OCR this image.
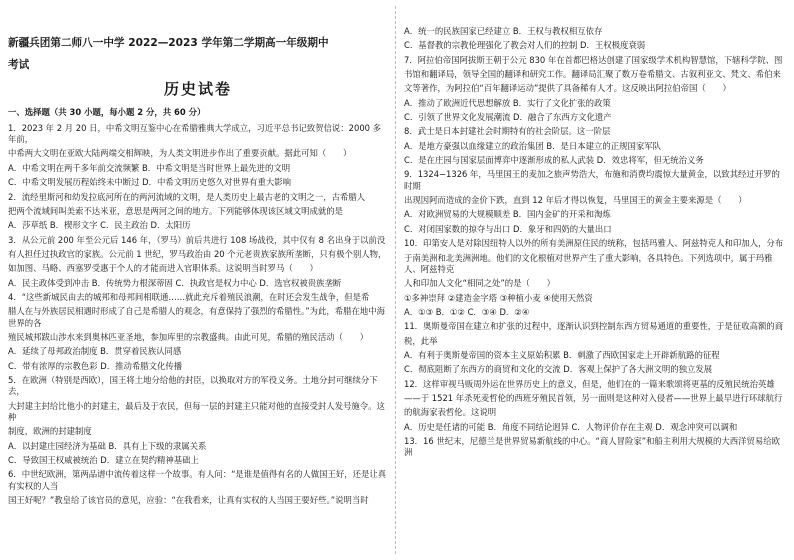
新疆兵团第二师八一中学 2022—2023 学年第二学期高一年级期中
考试
历史试卷
一、选择题（共 30 小题，每小题 2 分，共 60 分）
1．2023 年 2 月 20 日，中希文明互鉴中心在希腊雅典大学成立，习近平总书记致贺信说：2000 多年前，
中希两大文明在亚欧大陆两端交相辉映，为人类文明进步作出了重要贡献。据此可知（　　）
A．中希文明在两千多年前交流频繁 B．中希文明是当时世界上最先进的文明
C．中希文明发展历程始终未中断过 D．中希文明历史悠久对世界有重大影响
2．流经里斯河和幼发拉底河所在的两河流域的文明，是人类历史上最古老的文明之一，古希腊人
把两个流域间叫美索不达米亚，意思是两河之间的地方。下列能够体现该区域文明成就的是
A．莎草纸 B．楔形文字 C．民主政治 D．太阳历
3．从公元前 200 年至公元后 146 年，（罗马）前后共进行 108 场战役，其中仅有 8 名出身于以前没
有人担任过执政官的家族。公元前 1 世纪，罗马政治由 20 个元老贵族家族所垄断，只有极个别人物，
如加图、马略、西塞罗受惠于个人的才能而进入官职体系。这说明当时罗马（　　）
A．民主政体受到冲击 B．传统势力根深蒂固 C．执政官是权力中心 D．选官权被贵族垄断
4．“这些新城民由去的城邦和母邦间相联通……就此充斥着殖民浪潮，在时还会发生战争，但是希
腊人在与外族居民相遇时形成了自己是希腊人的观念，有意保持了强烈的希腊性。”为此，希腊在地中海世界的各
殖民城邦跋山涉水来到奥林匹亚圣地，参加库里的宗教盛典。由此可见，希腊的殖民活动（　　）
A．延续了母邦政治制度 B．贯穿着民族认同感
C．带有浓厚的宗教色彩 D．推动希腊文化传播
5．在欧洲（特别是西欧），国王将土地分给他的封臣，以换取对方的军役义务。土地分封可继续分下去，
大封建主封给比他小的封建主，最后及于农民，但每一层的封建主只能对他的直接受封人发号施令。这种
制度，欧洲的封建制度
A．以封建庄园经济为基础 B．具有上下级的隶属关系
C．导致国王权威被统治 D．建立在契约精神基础上
6．中世纪欧洲，第两品谱中流传着这样一个故事。有人问：“是谁是值得有名的人做国王好，还是让真有实权的人当
国王好呢？”教皇给了该官员的意见，应验：“在我看来，让真有实权的人当国王要好些。”说明当时
A．统一的民族国家已经建立 B．王权与教权相互依存
C．基督教的宗教伦理强化了教会对人们的控制 D．王权极度衰弱
7．阿拉伯帝国阿拔斯王朝于公元 830 年在首都巴格达创建了国家级学术机构智慧馆，下辖科学院、图
书馆和翻译局，领导全国的翻译和研究工作。翻译局汇聚了数万卷希腊文、古叙利亚文、梵文、希伯来
文等著作，为阿拉伯“百年翻译运动”提供了具备稀有人才。这反映出阿拉伯帝国（　　）
A．推动了欧洲近代思想解放 B．实行了文化扩张的政策
C．引领了世界文化发展潮流 D．融合了东西方文化遗产
8．武士是日本封建社会时期特有的社会阶层。这一阶层
A．是地方豪强以血缘建立的政治集团 B．是日本建立的正规国家军队
C．是在庄园与国家层面博弈中逐渐形成的私人武装 D．效忠将军，但无统治义务
9．1324−1326 年，马里国王的麦加之旅声势浩大，布施和消费均震惊大量黄金，以致其经过开罗的时期
出现因阿而造成的金价下跌，直到 12 年后才得以恢复，马里国王的黄金主要来源是（　　）
A．对欧洲贸易的大规模顺差 B．国内金矿的开采和淘炼
C．对闭国家数的掠夺与出口 D．象牙和四奶的大量出口
10．印第安人是对除因纽特人以外的所有美洲原住民的统称，包括玛雅人、阿兹特克人和印加人，分布
于南美洲和北美洲洲地。他们的文化根植对世界产生了重大影响，各具特色。下列选项中，属于玛雅人、阿兹特克
人和印加人文化“相同之处”的是（　　）
①多神崇拜 ②建造金字塔 ③种植小麦 ④使用天然资
A．①③ B．①② C．③④ D．②④
11．奥斯曼帝国在建立和扩张的过程中，逐渐认识到控制东西方贸易通道的重要性，于是征收高额的商
税，此举
A．有利于奥斯曼帝国的资本主义原始积累 B．刺激了西欧国家走上开辟新航路的征程
C．彻底阻断了东西方的商贸和文化的交流 D．客观上保护了各大洲文明的独立发展
12．这样审视马贩周外运在世界历史上的意义，但是，他们在的一篇来歌颂将更基的反殖民统治英雄
——于 1521 年杀死麦哲伦的西班牙殖民首领，另一面则是这种对入侵者——世界上最早进行环球航行
的航海家表哲伦。这说明
A．历史是任诸的可能 B．角度不同结论迥异 C．人物评价存在主观 D．观念冲突可以调和
13．16 世纪末，尼德兰是世界贸易新航线的中心。“商人冒险家”和船主利用大规模的大西洋贸易给欧洲
